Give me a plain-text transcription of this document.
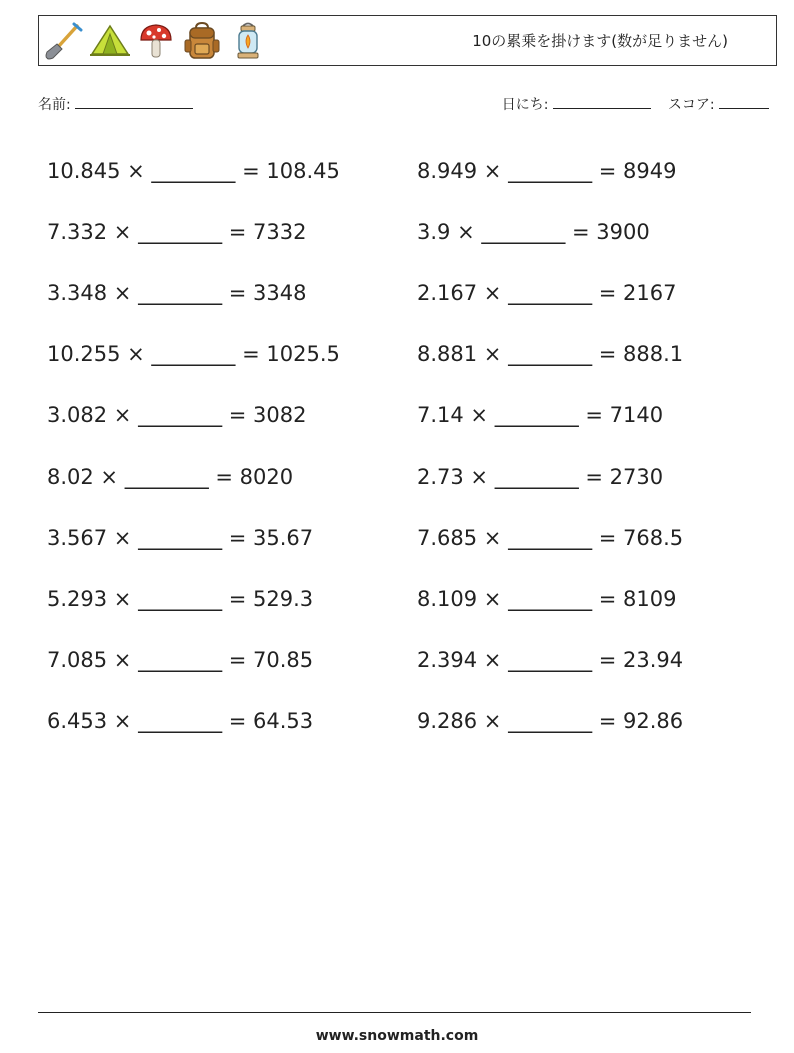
10の累乗を掛けます(数が足りません)
名前:	日にち:	スコア:
10.845 × ________ = 108.45	8.949 × ________ = 8949
7.332 × ________ = 7332	3.9 × ________ = 3900
3.348 × ________ = 3348	2.167 × ________ = 2167
10.255 × ________ = 1025.5	8.881 × ________ = 888.1
3.082 × ________ = 3082	7.14 × ________ = 7140
8.02 × ________ = 8020	2.73 × ________ = 2730
3.567 × ________ = 35.67	7.685 × ________ = 768.5
5.293 × ________ = 529.3	8.109 × ________ = 8109
7.085 × ________ = 70.85	2.394 × ________ = 23.94
6.453 × ________ = 64.53	9.286 × ________ = 92.86
www.snowmath.com
